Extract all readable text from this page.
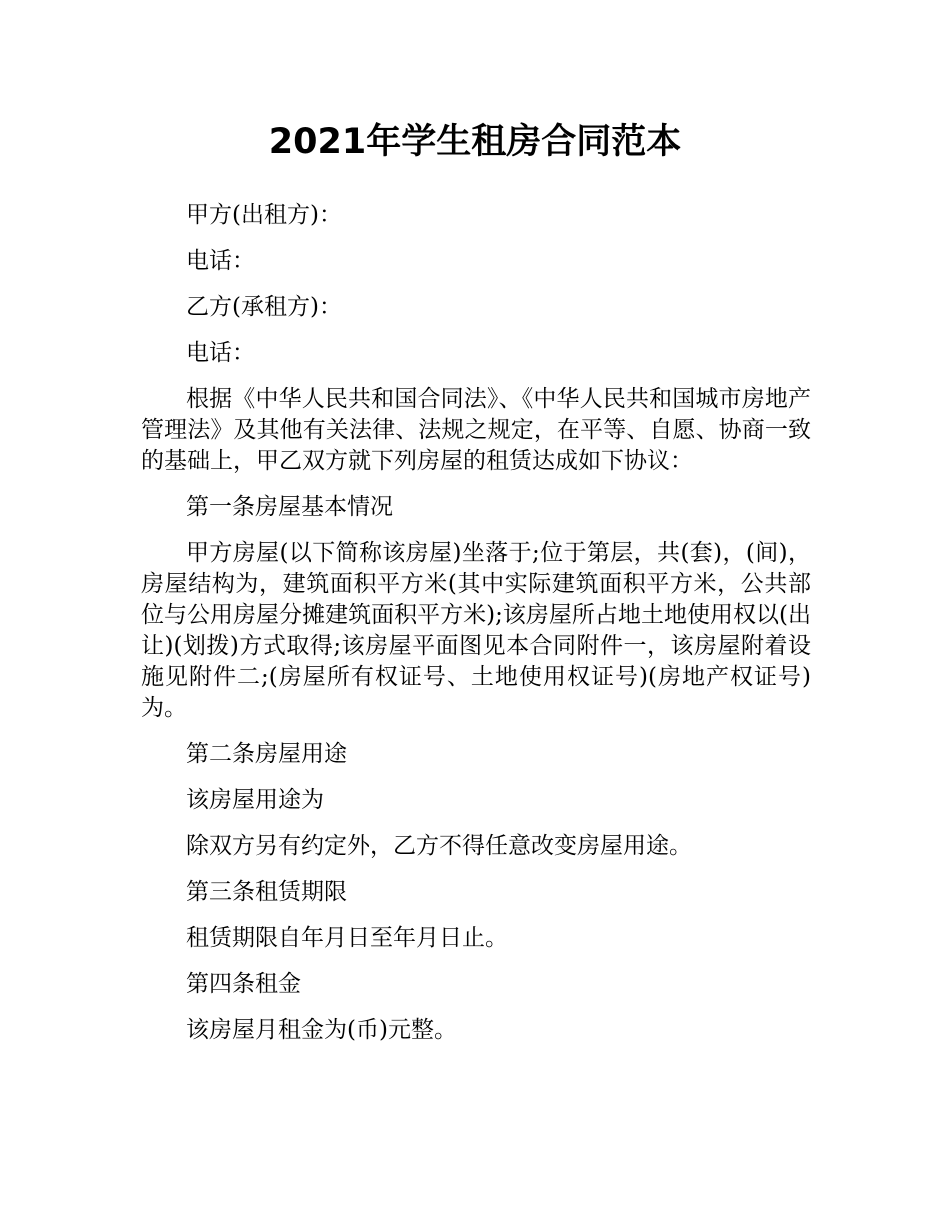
2021年学生租房合同范本

甲方(出租方)：

电话：

乙方(承租方)：

电话：

根据《中华人民共和国合同法》、《中华人民共和国城市房地产管理法》及其他有关法律、法规之规定，在平等、自愿、协商一致的基础上，甲乙双方就下列房屋的租赁达成如下协议：

第一条房屋基本情况

甲方房屋(以下简称该房屋)坐落于;位于第层，共(套)，(间)，房屋结构为，建筑面积平方米(其中实际建筑面积平方米，公共部位与公用房屋分摊建筑面积平方米);该房屋所占地土地使用权以(出让)(划拨)方式取得;该房屋平面图见本合同附件一，该房屋附着设施见附件二;(房屋所有权证号、土地使用权证号)(房地产权证号)为。

第二条房屋用途

该房屋用途为

除双方另有约定外，乙方不得任意改变房屋用途。

第三条租赁期限

租赁期限自年月日至年月日止。

第四条租金

该房屋月租金为(币)元整。
